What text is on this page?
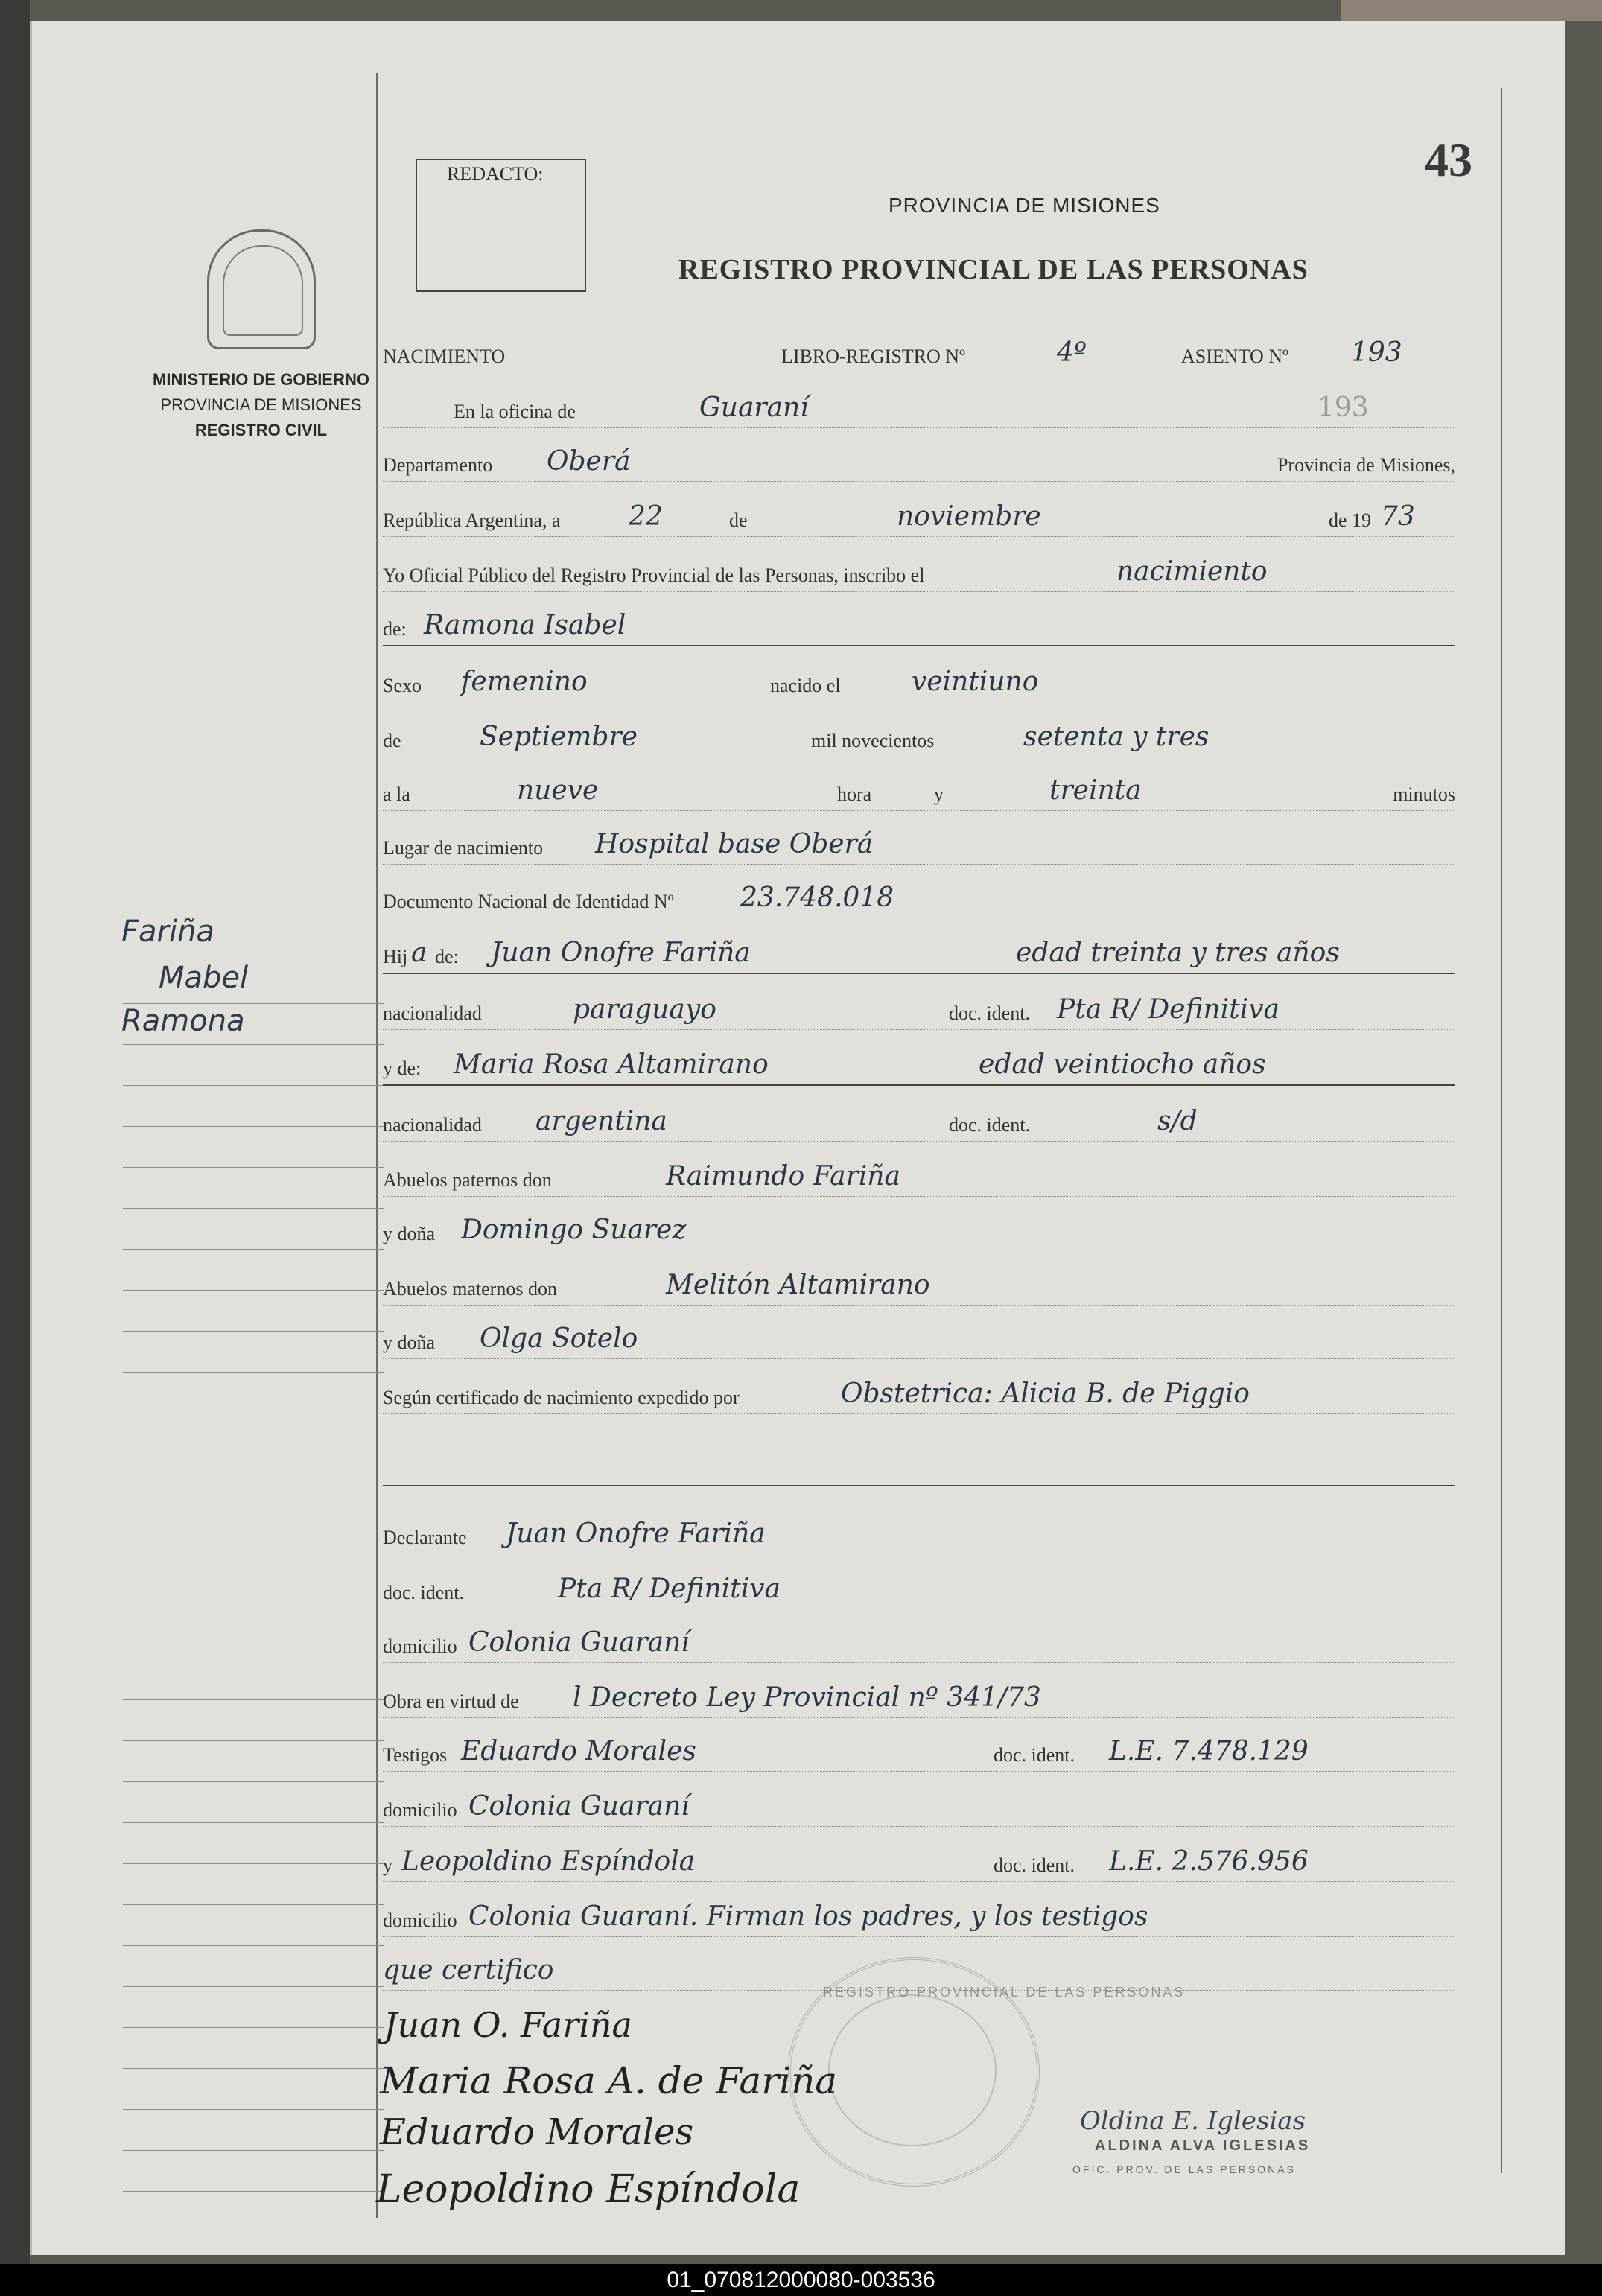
43
REDACTO:
PROVINCIA DE MISIONES
REGISTRO PROVINCIAL DE LAS PERSONAS
MINISTERIO DE GOBIERNO
PROVINCIA DE MISIONES
REGISTRO CIVIL
Fariña
Mabel
Ramona
NACIMIENTO	LIBRO-REGISTRO Nº	4º	ASIENTO Nº 193
En la oficina de	Guaraní	193
Departamento Oberá	Provincia de Misiones,
República Argentina, a	22	de	noviembre	de 19 73
Yo Oficial Público del Registro Provincial de las Personas, inscribo el	nacimiento
de: Ramona Isabel
Sexo femenino	nacido el	veintiuno
de	Septiembre	mil novecientos	setenta y tres
a la	nueve	hora	y	treinta	minutos
Lugar de nacimiento Hospital base Oberá
Documento Nacional de Identidad Nº 23.748.018
Hij a de: Juan Onofre Fariña	edad treinta y tres años
nacionalidad	paraguayo	doc. ident. Pta R/ Definitiva
y de: Maria Rosa Altamirano	edad veintiocho años
nacionalidad argentina	doc. ident.	s/d
Abuelos paternos don	Raimundo Fariña
y doña Domingo Suarez
Abuelos maternos don	Melitón Altamirano
y doña Olga Sotelo
Según certificado de nacimiento expedido por	Obstetrica: Alicia B. de Piggio
Declarante Juan Onofre Fariña
doc. ident.	Pta R/ Definitiva
domicilio Colonia Guaraní
Obra en virtud de l Decreto Ley Provincial nº 341/73
Testigos Eduardo Morales	doc. ident. L.E. 7.478.129
domicilio Colonia Guaraní
y Leopoldino Espíndola	doc. ident. L.E. 2.576.956
domicilio Colonia Guaraní. Firman los padres, y los testigos
que certifico
REGISTRO PROVINCIAL DE LAS PERSONAS
Juan O. Fariña
Maria Rosa A. de Fariña
Eduardo Morales
Leopoldino Espíndola
Oldina E. Iglesias
ALDINA ALVA IGLESIAS
OFIC. PROV. DE LAS PERSONAS
01_070812000080-003536
